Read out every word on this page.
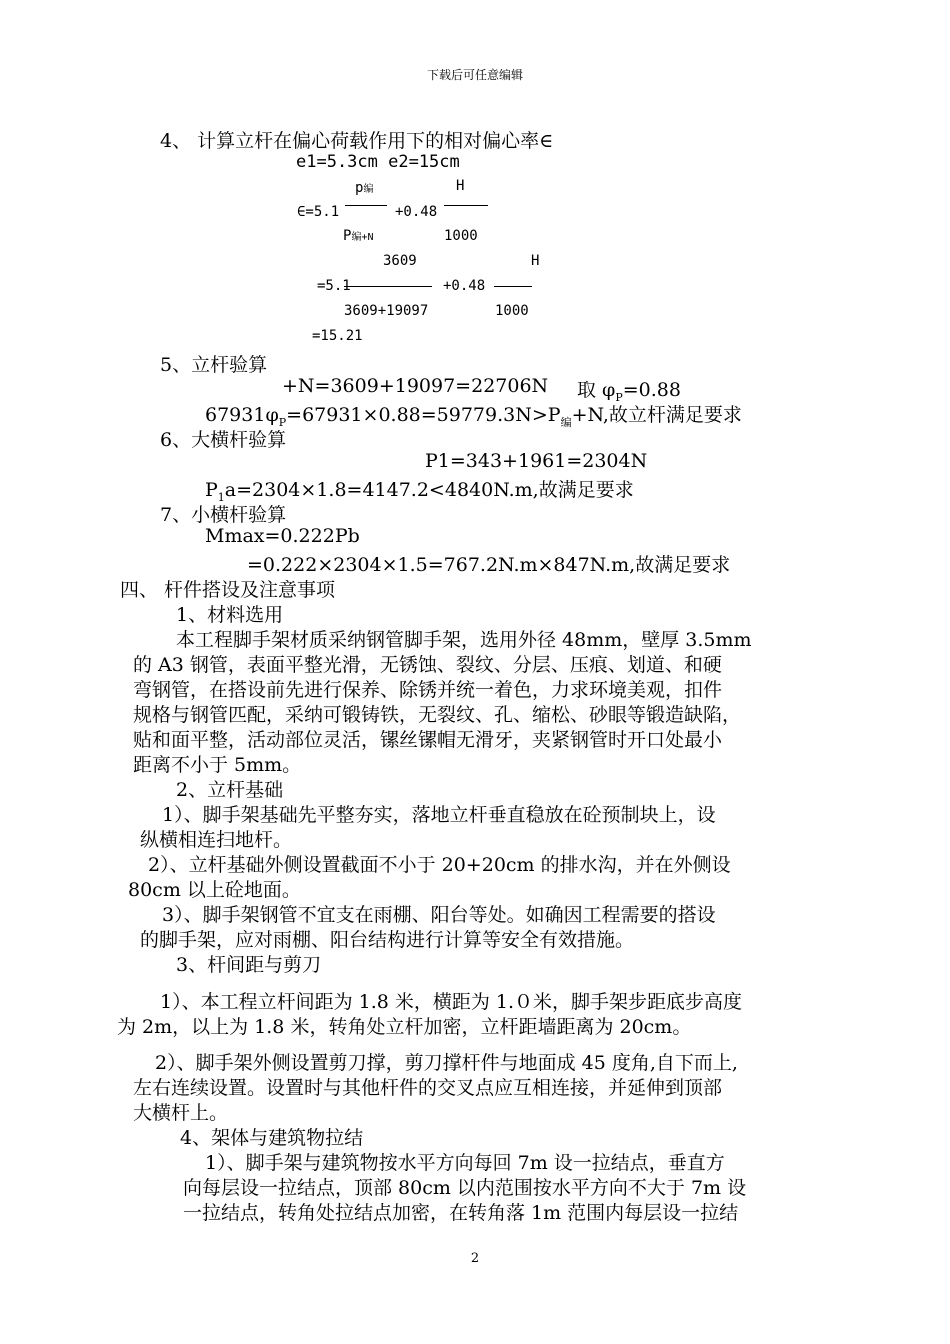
下载后可任意编辑
4、 计算立杆在偏心荷载作用下的相对偏心率∈
e1=5.3cm e2=15cm
p编	H
∈=5.1	+0.48
P编+N	1000
3609	H
=5.1	+0.48
3609+19097	1000
=15.21
5、立杆验算
+N=3609+19097=22706N 取 $\varphi_P=0.88$
$67931\varphi_P=67931\times 0.88=59779.3N>P_编+N$,故立杆满足要求
6、大横杆验算
P1=343+1961=2304N
$P_1a=2304\times 1.8=4147.2<4840N.m$,故满足要求
7、小横杆验算
Mmax=0.222Pb
=0.222×2304×1.5=767.2N.m×847N.m,故满足要求
四、 杆件搭设及注意事项
1、材料选用
本工程脚手架材质采纳钢管脚手架，选用外径 48mm，壁厚 3.5mm
的 A3 钢管，表面平整光滑，无锈蚀、裂纹、分层、压痕、划道、和硬
弯钢管，在搭设前先进行保养、除锈并统一着色，力求环境美观，扣件
规格与钢管匹配，采纳可锻铸铁，无裂纹、孔、缩松、砂眼等锻造缺陷，
贴和面平整，活动部位灵活，镙丝镙帽无滑牙，夹紧钢管时开口处最小
距离不小于 5mm。
2、立杆基础
1）、脚手架基础先平整夯实，落地立杆垂直稳放在砼预制块上，设
纵横相连扫地杆。
2）、立杆基础外侧设置截面不小于 20+20cm 的排水沟，并在外侧设
80cm 以上砼地面。
3）、脚手架钢管不宜支在雨棚、阳台等处。如确因工程需要的搭设
的脚手架，应对雨棚、阳台结构进行计算等安全有效措施。
3、杆间距与剪刀
1）、本工程立杆间距为 1.8 米，横距为 1.０米，脚手架步距底步高度
为 2m，以上为 1.8 米，转角处立杆加密，立杆距墙距离为 20cm。
2）、脚手架外侧设置剪刀撑，剪刀撑杆件与地面成 45 度角,自下而上,
左右连续设置。设置时与其他杆件的交叉点应互相连接，并延伸到顶部
大横杆上。
4、架体与建筑物拉结
1）、脚手架与建筑物按水平方向每回 7m 设一拉结点，垂直方
向每层设一拉结点，顶部 80cm 以内范围按水平方向不大于 7m 设
一拉结点，转角处拉结点加密，在转角落 1m 范围内每层设一拉结
2
